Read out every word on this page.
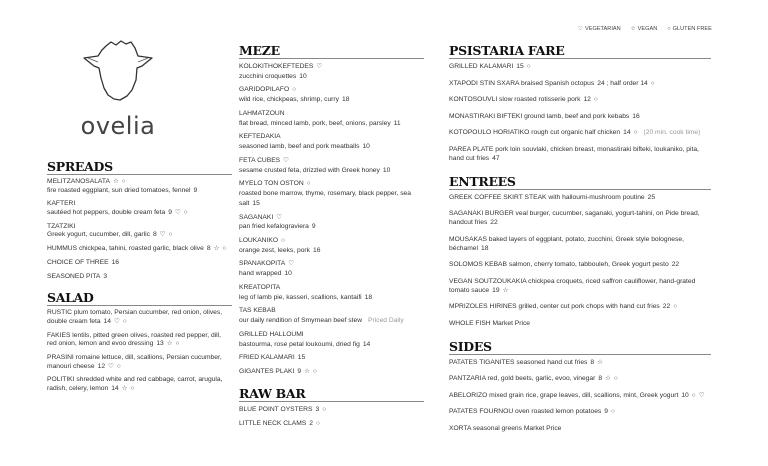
♡ VEGETARIAN ☆ VEGAN ○ GLUTEN FREE
ovelia
SPREADS
MELITZANOSALATA ☆ ○
fire roasted eggplant, sun dried tomatoes, fennel 9
KAFTERI
sautéed hot peppers, double cream feta 9 ♡ ○
TZATZIKI
Greek yogurt, cucumber, dill, garlic 8 ♡ ○
HUMMUS chickpea, tahini, roasted garlic, black olive 8 ☆ ○
CHOICE OF THREE 16
SEASONED PITA 3
SALAD
RUSTIC plum tomato, Persian cucumber, red onion, olives, double cream feta 14 ♡ ○
FAKIES lentils, pitted green olives, roasted red pepper, dill, red onion, lemon and evoo dressing 13 ☆ ○
PRASINI romaine lettuce, dill, scallions, Persian cucumber, manouri cheese 12 ♡ ○
POLITIKI shredded white and red cabbage, carrot, arugula, radish, celery, lemon 14 ☆ ○
MEZE
KOLOKITHOKEFTEDES ♡
zucchini croquettes 10
GARIDOPILAFO ○
wild rice, chickpeas, shrimp, curry 18
LAHMATZOUN
flat bread, minced lamb, pork, beef, onions, parsley 11
KEFTEDAKIA
seasoned lamb, beef and pork meatballs 10
FETA CUBES ♡
sesame crusted feta, drizzled with Greek honey 10
MYELO TON OSTON ○
roasted bone marrow, thyme, rosemary, black pepper, sea salt 15
SAGANAKI ♡
pan fried kefalograviera 9
LOUKANIKO ○
orange zest, leeks, pork 16
SPANAKOPITA ♡
hand wrapped 10
KREATOPITA
leg of lamb pie, kasseri, scallions, kantaifi 18
TAS KEBAB
our daily rendition of Smyrnean beef stew Priced Daily
GRILLED HALLOUMI
bastourma, rose petal loukoumi, dried fig 14
FRIED KALAMARI 15
GIGANTES PLAKI 9 ☆ ○
RAW BAR
BLUE POINT OYSTERS 3 ○
LITTLE NECK CLAMS 2 ○
PSISTARIA FARE
GRILLED KALAMARI 15 ○
XTAPODI STIN SXARA braised Spanish octopus 24 ; half order 14 ○
KONTOSOUVLI slow roasted rotisserie pork 12 ○
MONASTIRAKI BIFTEKI ground lamb, beef and pork kebabs 16
KOTOPOULO HORIATIKO rough cut organic half chicken 14 ○ (20 min. cook time)
PAREA PLATE pork loin souvlaki, chicken breast, monastiraki bifteki, loukaniko, pita, hand cut fries 47
ENTREES
GREEK COFFEE SKIRT STEAK with halloumi-mushroom poutine 25
SAGANAKI BURGER veal burger, cucumber, saganaki, yogurt-tahini, on Pide bread, handcut fries 22
MOUSAKAS baked layers of eggplant, potato, zucchini, Greek style bolognese, béchamel 18
SOLOMOS KEBAB salmon, cherry tomato, tabbouleh, Greek yogurt pesto 22
VEGAN SOUTZOUKAKIA chickpea croquets, riced saffron cauliflower, hand-grated tomato sauce 19 ☆
MPRIZOLES HIRINES grilled, center cut pork chops with hand cut fries 22 ○
WHOLE FISH Market Price
SIDES
PATATES TIGANITES seasoned hand cut fries 8 ☆
PANTZARIA red, gold beets, garlic, evoo, vinegar 8 ☆ ○
ABELORIZO mixed grain rice, grape leaves, dill, scallions, mint, Greek yogurt 10 ○ ♡
PATATES FOURNOU oven roasted lemon potatoes 9 ○
XORTA seasonal greens Market Price
